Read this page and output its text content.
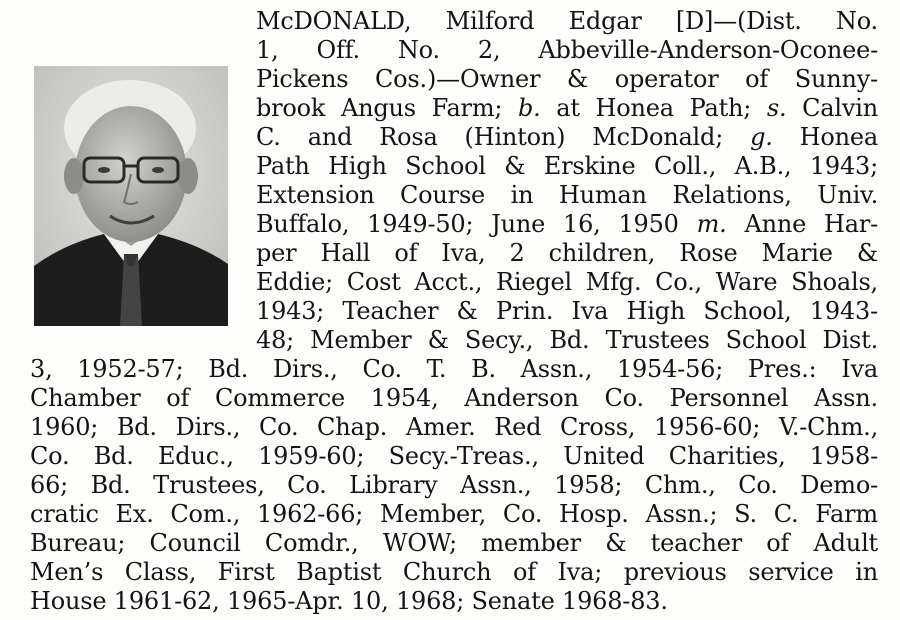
McDONALD, Milford Edgar [D]—(Dist. No.
1, Off. No. 2, Abbeville-Anderson-Oconee-
Pickens Cos.)—Owner & operator of Sunny-
brook Angus Farm; b. at Honea Path; s. Calvin
C. and Rosa (Hinton) McDonald; g. Honea
Path High School & Erskine Coll., A.B., 1943;
Extension Course in Human Relations, Univ.
Buffalo, 1949-50; June 16, 1950 m. Anne Har-
per Hall of Iva, 2 children, Rose Marie &
Eddie; Cost Acct., Riegel Mfg. Co., Ware Shoals,
1943; Teacher & Prin. Iva High School, 1943-
48; Member & Secy., Bd. Trustees School Dist.
3, 1952-57; Bd. Dirs., Co. T. B. Assn., 1954-56; Pres.: Iva
Chamber of Commerce 1954, Anderson Co. Personnel Assn.
1960; Bd. Dirs., Co. Chap. Amer. Red Cross, 1956-60; V.-Chm.,
Co. Bd. Educ., 1959-60; Secy.-Treas., United Charities, 1958-
66; Bd. Trustees, Co. Library Assn., 1958; Chm., Co. Demo-
cratic Ex. Com., 1962-66; Member, Co. Hosp. Assn.; S. C. Farm
Bureau; Council Comdr., WOW; member & teacher of Adult
Men’s Class, First Baptist Church of Iva; previous service in
House 1961-62, 1965-Apr. 10, 1968; Senate 1968-83.
